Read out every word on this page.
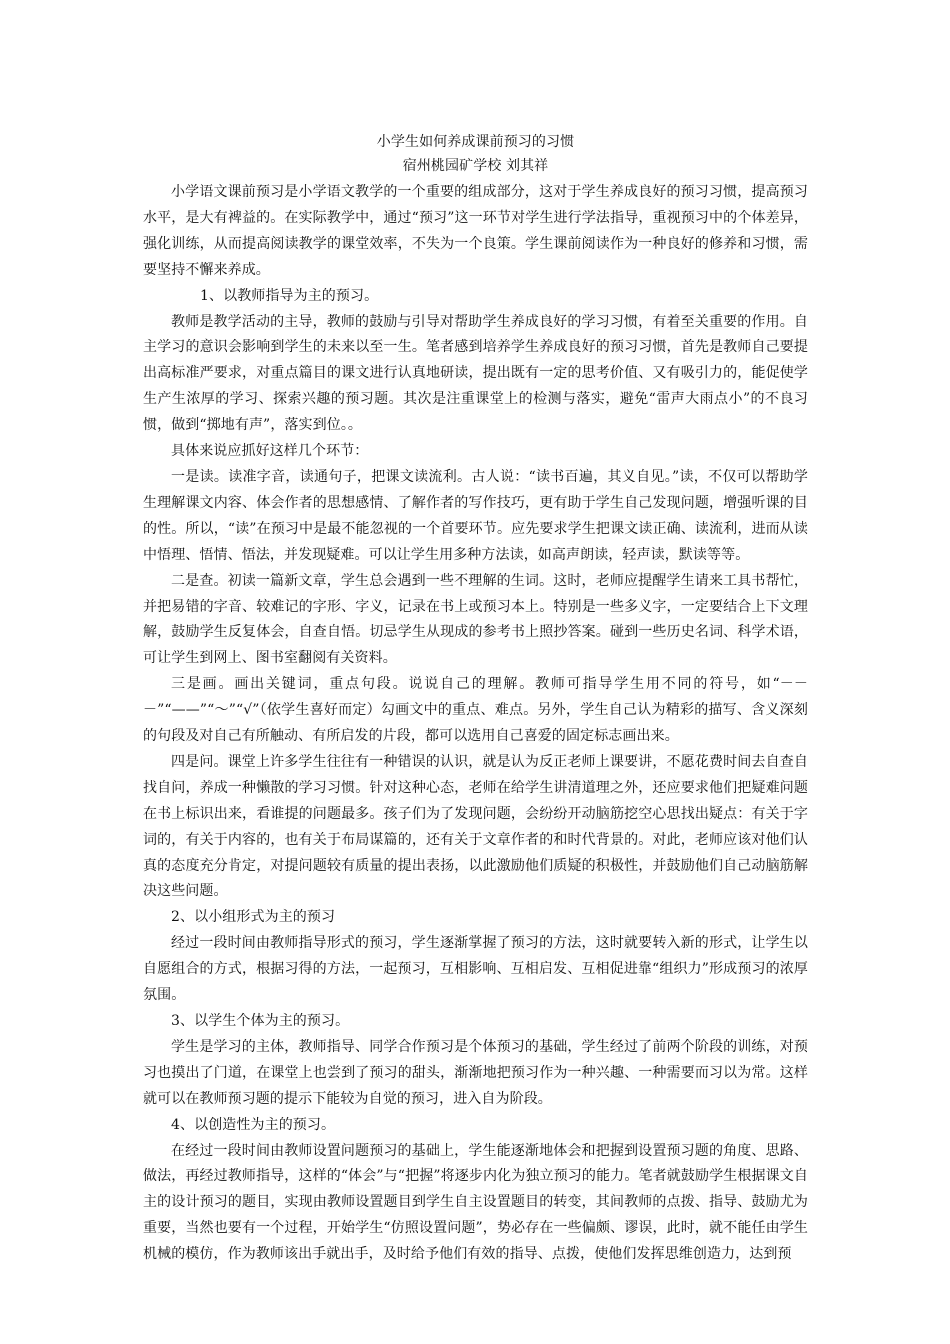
小学生如何养成课前预习的习惯

宿州桃园矿学校 刘其祥

小学语文课前预习是小学语文教学的一个重要的组成部分，这对于学生养成良好的预习习惯，提高预习水平，是大有裨益的。在实际教学中，通过“预习”这一环节对学生进行学法指导，重视预习中的个体差异，强化训练，从而提高阅读教学的课堂效率，不失为一个良策。学生课前阅读作为一种良好的修养和习惯，需要坚持不懈来养成。

1、以教师指导为主的预习。

教师是教学活动的主导，教师的鼓励与引导对帮助学生养成良好的学习习惯，有着至关重要的作用。自主学习的意识会影响到学生的未来以至一生。笔者感到培养学生养成良好的预习习惯，首先是教师自己要提出高标准严要求，对重点篇目的课文进行认真地研读，提出既有一定的思考价值、又有吸引力的，能促使学生产生浓厚的学习、探索兴趣的预习题。其次是注重课堂上的检测与落实，避免“雷声大雨点小”的不良习惯，做到“掷地有声”，落实到位。。

具体来说应抓好这样几个环节：

一是读。读准字音，读通句子，把课文读流利。古人说：“读书百遍，其义自见。”读，不仅可以帮助学生理解课文内容、体会作者的思想感情、了解作者的写作技巧，更有助于学生自己发现问题，增强听课的目的性。所以，“读”在预习中是最不能忽视的一个首要环节。应先要求学生把课文读正确、读流利，进而从读中悟理、悟情、悟法，并发现疑难。可以让学生用多种方法读，如高声朗读，轻声读，默读等等。

二是查。初读一篇新文章，学生总会遇到一些不理解的生词。这时，老师应提醒学生请来工具书帮忙，并把易错的字音、较难记的字形、字义，记录在书上或预习本上。特别是一些多义字，一定要结合上下文理解，鼓励学生反复体会，自查自悟。切忌学生从现成的参考书上照抄答案。碰到一些历史名词、科学术语，可让学生到网上、图书室翻阅有关资料。

三是画。画出关键词，重点句段。说说自己的理解。教师可指导学生用不同的符号，如“－－－”“——”“～”“√”（依学生喜好而定）勾画文中的重点、难点。另外，学生自己认为精彩的描写、含义深刻的句段及对自己有所触动、有所启发的片段，都可以选用自己喜爱的固定标志画出来。

四是问。课堂上许多学生往往有一种错误的认识，就是认为反正老师上课要讲，不愿花费时间去自查自找自问，养成一种懒散的学习习惯。针对这种心态，老师在给学生讲清道理之外，还应要求他们把疑难问题在书上标识出来，看谁提的问题最多。孩子们为了发现问题，会纷纷开动脑筋挖空心思找出疑点：有关于字词的，有关于内容的，也有关于布局谋篇的，还有关于文章作者的和时代背景的。对此，老师应该对他们认真的态度充分肯定，对提问题较有质量的提出表扬，以此激励他们质疑的积极性，并鼓励他们自己动脑筋解决这些问题。

2、以小组形式为主的预习

经过一段时间由教师指导形式的预习，学生逐渐掌握了预习的方法，这时就要转入新的形式，让学生以自愿组合的方式，根据习得的方法，一起预习，互相影响、互相启发、互相促进靠“组织力”形成预习的浓厚氛围。

3、以学生个体为主的预习。

学生是学习的主体，教师指导、同学合作预习是个体预习的基础，学生经过了前两个阶段的训练，对预习也摸出了门道，在课堂上也尝到了预习的甜头，渐渐地把预习作为一种兴趣、一种需要而习以为常。这样就可以在教师预习题的提示下能较为自觉的预习，进入自为阶段。

4、以创造性为主的预习。

在经过一段时间由教师设置问题预习的基础上，学生能逐渐地体会和把握到设置预习题的角度、思路、做法，再经过教师指导，这样的“体会”与“把握”将逐步内化为独立预习的能力。笔者就鼓励学生根据课文自主的设计预习的题目，实现由教师设置题目到学生自主设置题目的转变，其间教师的点拨、指导、鼓励尤为重要，当然也要有一个过程，开始学生“仿照设置问题”，势必存在一些偏颇、谬误，此时，就不能任由学生机械的模仿，作为教师该出手就出手，及时给予他们有效的指导、点拨，使他们发挥思维创造力，达到预
